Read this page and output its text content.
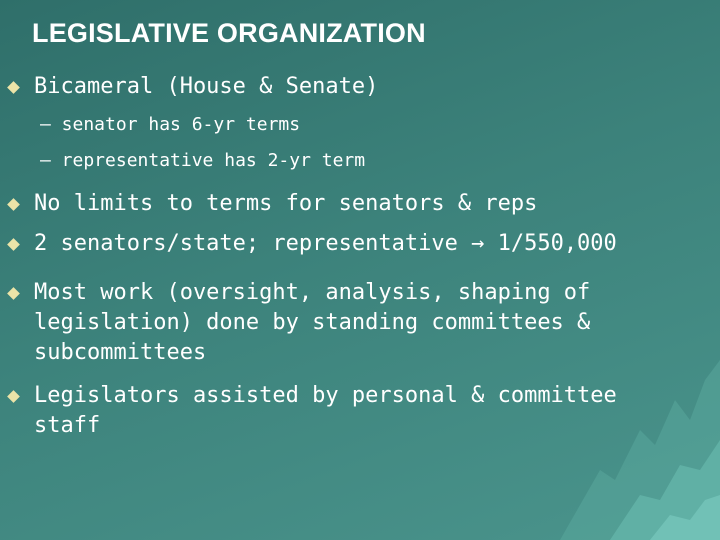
LEGISLATIVE ORGANIZATION
Bicameral (House & Senate)
– senator has 6-yr terms
– representative has 2-yr term
No limits to terms for senators & reps
2 senators/state; representative → 1/550,000
Most work (oversight, analysis, shaping of legislation) done by standing committees & subcommittees
Legislators assisted by personal & committee staff
